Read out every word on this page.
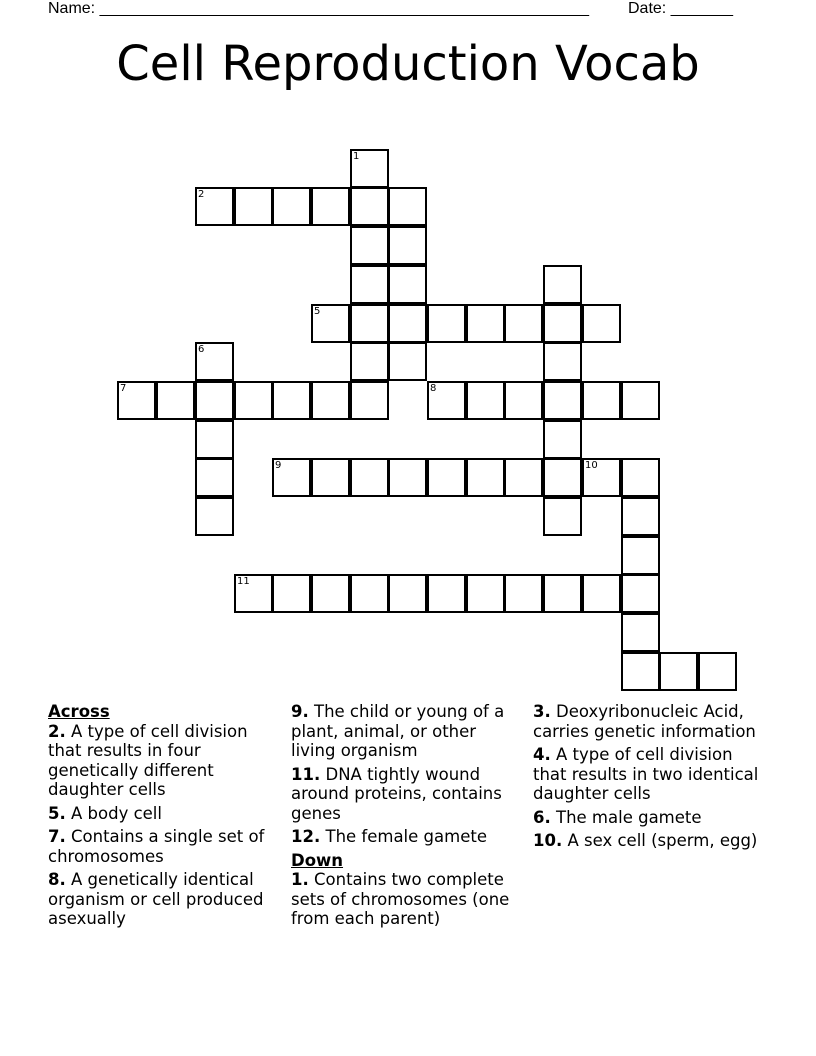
Name: _______________________________________________________ Date: _______
Cell Reproduction Vocab
1
2
5
6
7	8
9	10
11
Across
2. A type of cell division that results in four genetically different daughter cells
5. A body cell
7. Contains a single set of chromosomes
8. A genetically identical organism or cell produced asexually
9. The child or young of a plant, animal, or other living organism
11. DNA tightly wound around proteins, contains genes
12. The female gamete
Down
1. Contains two complete sets of chromosomes (one from each parent)
3. Deoxyribonucleic Acid, carries genetic information
4. A type of cell division that results in two identical daughter cells
6. The male gamete
10. A sex cell (sperm, egg)
